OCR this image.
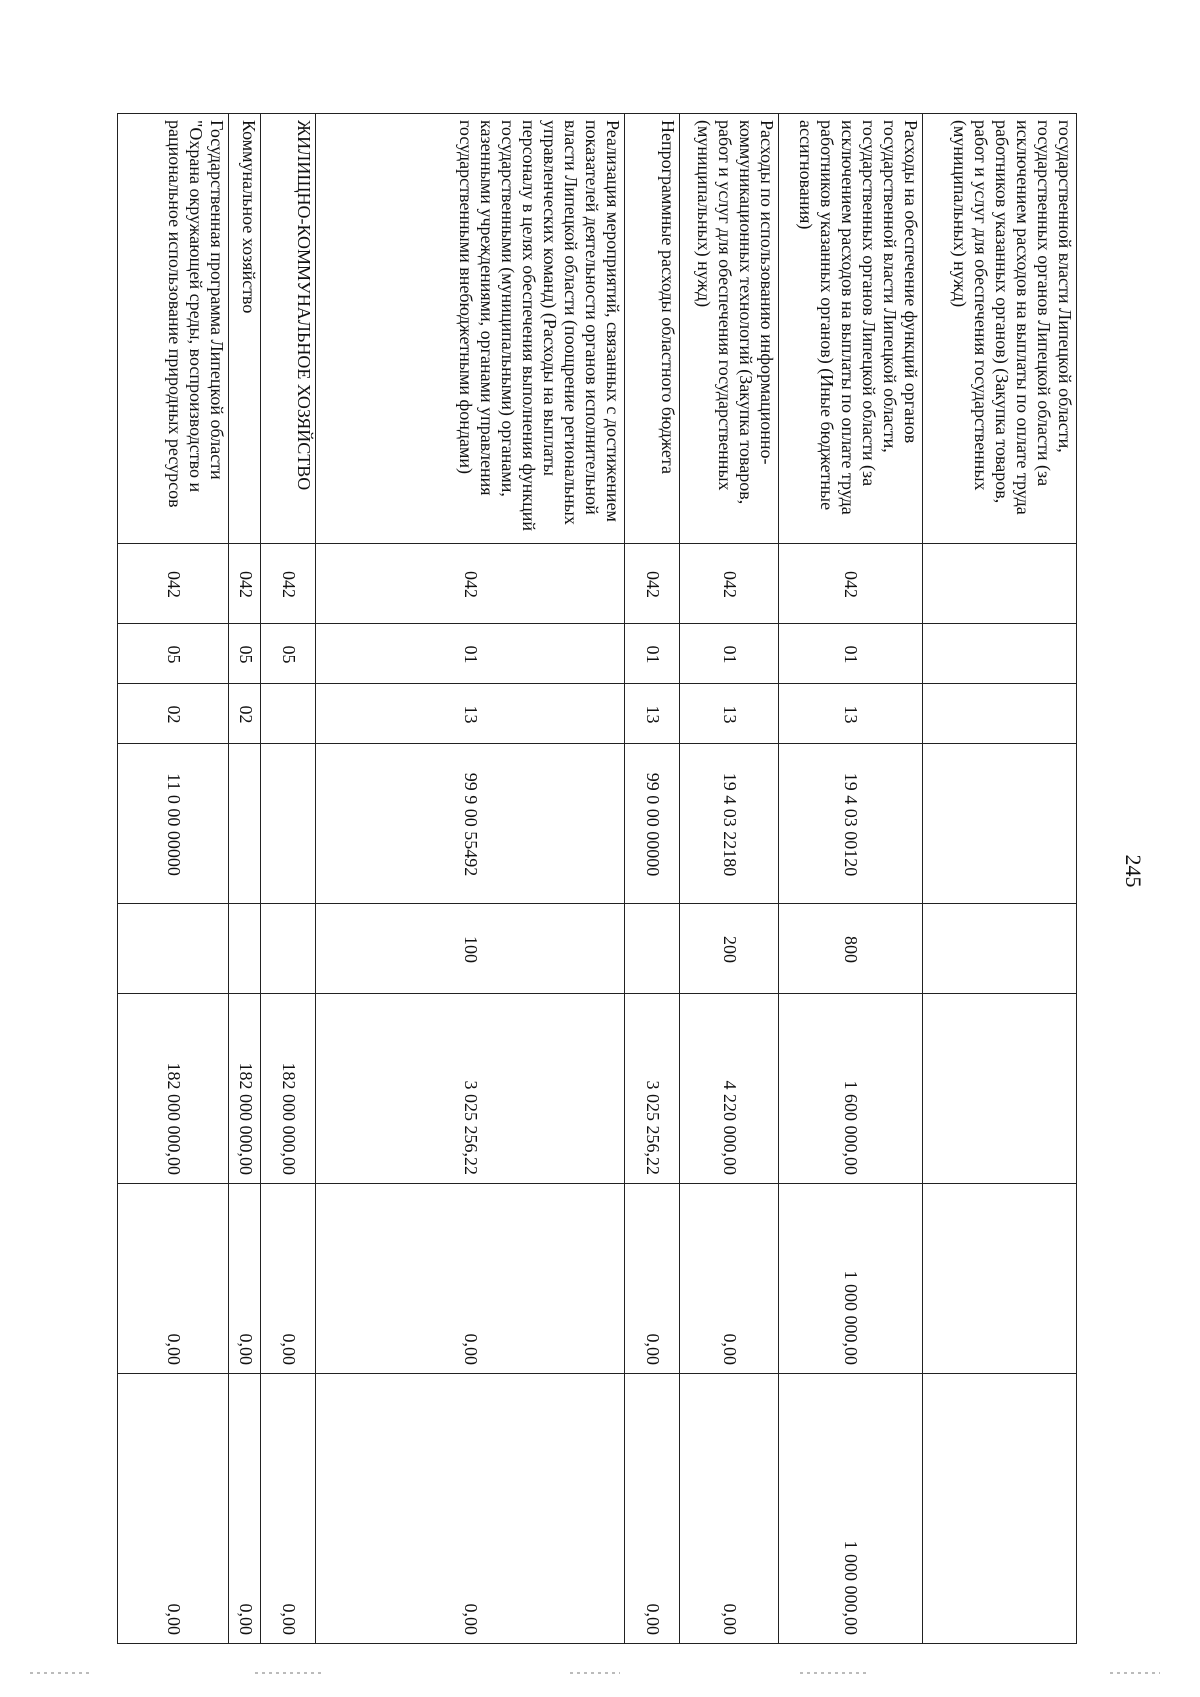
245
государственной власти Липецкой области, государственных органов Липецкой области (за исключением расходов на выплаты по оплате труда работников указанных органов) (Закупка товаров, работ и услуг для обеспечения государственных (муниципальных) нужд)								
Расходы на обеспечение функций органов государственной власти Липецкой области, государственных органов Липецкой области (за исключением расходов на выплаты по оплате труда работников указанных органов) (Иные бюджетные ассигнования)	042	01	13	19 4 03 00120	800	1 600 000,00	1 000 000,00	1 000 000,00
Расходы по использованию информационно-коммуникационных технологий (Закупка товаров, работ и услуг для обеспечения государственных (муниципальных) нужд)	042	01	13	19 4 03 22180	200	4 220 000,00	0,00	0,00
Непрограммные расходы областного бюджета	042	01	13	99 0 00 00000		3 025 256,22	0,00	0,00
Реализация мероприятий, связанных с достижением показателей деятельности органов исполнительной власти Липецкой области (поощрение региональных управленческих команд) (Расходы на выплаты персоналу в целях обеспечения выполнения функций государственными (муниципальными) органами, казенными учреждениями, органами управления государственными внебюджетными фондами)	042	01	13	99 9 00 55492	100	3 025 256,22	0,00	0,00
ЖИЛИЩНО-КОММУНАЛЬНОЕ ХОЗЯЙСТВО	042	05				182 000 000,00	0,00	0,00
Коммунальное хозяйство	042	05	02			182 000 000,00	0,00	0,00
Государственная программа Липецкой области "Охрана окружающей среды, воспроизводство и рациональное использование природных ресурсов	042	05	02	11 0 00 00000		182 000 000,00	0,00	0,00
